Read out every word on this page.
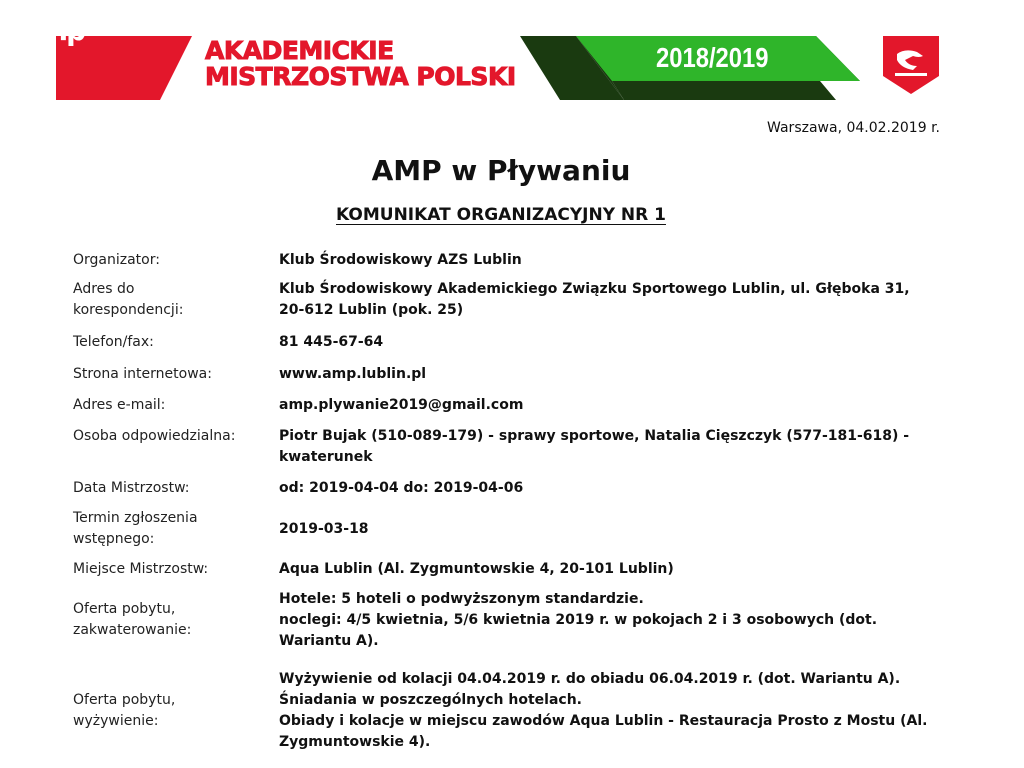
amp
AKADEMICKIE
MISTRZOSTWA POLSKI
2018/2019
Warszawa, 04.02.2019 r.
AMP w Pływaniu
KOMUNIKAT ORGANIZACYJNY NR 1
Organizator:	Klub Środowiskowy AZS Lublin
Adres do korespondencji:
Klub Środowiskowy Akademickiego Związku Sportowego Lublin, ul. Głęboka 31, 20-612 Lublin (pok. 25)
Telefon/fax:	81 445-67-64
Strona internetowa:	www.amp.lublin.pl
Adres e-mail:	amp.plywanie2019@gmail.com
Osoba odpowiedzialna:	Piotr Bujak (510-089-179) - sprawy sportowe, Natalia Cięszczyk (577-181-618) - kwaterunek
Data Mistrzostw:	od: 2019-04-04 do: 2019-04-06
Termin zgłoszenia wstępnego:
2019-03-18
Miejsce Mistrzostw:	Aqua Lublin (Al. Zygmuntowskie 4, 20-101 Lublin)
Oferta pobytu, zakwaterowanie:
Hotele: 5 hoteli o podwyższonym standardzie.
noclegi: 4/5 kwietnia, 5/6 kwietnia 2019 r. w pokojach 2 i 3 osobowych (dot. Wariantu A).
Oferta pobytu, wyżywienie:
Wyżywienie od kolacji 04.04.2019 r. do obiadu 06.04.2019 r. (dot. Wariantu A).
Śniadania w poszczególnych hotelach.
Obiady i kolacje w miejscu zawodów Aqua Lublin - Restauracja Prosto z Mostu (Al. Zygmuntowskie 4).
